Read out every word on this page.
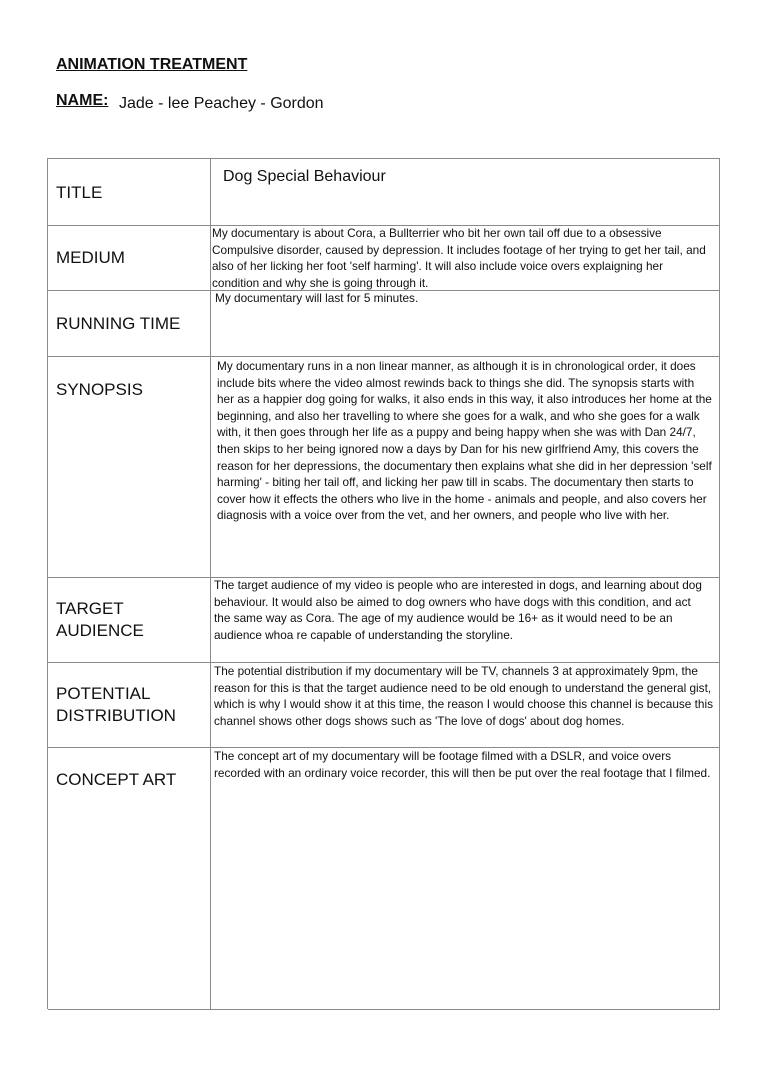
ANIMATION TREATMENT
NAME: Jade - lee Peachey - Gordon
TITLE
Dog Special Behaviour
MEDIUM
My documentary is about Cora, a Bullterrier who bit her own tail off due to a obsessive Compulsive disorder, caused by depression. It includes footage of her trying to get her tail, and also of her licking her foot 'self harming'. It will also include voice overs explaigning her condition and why she is going through it.
RUNNING TIME
My documentary will last for 5 minutes.
SYNOPSIS
My documentary runs in a non linear manner, as although it is in chronological order, it does include bits where the video almost rewinds back to things she did. The synopsis starts with her as a happier dog going for walks, it also ends in this way, it also introduces her home at the beginning, and also her travelling to where she goes for a walk, and who she goes for a walk with, it then goes through her life as a puppy and being happy when she was with Dan 24/7, then skips to her being ignored now a days by Dan for his new girlfriend Amy, this covers the reason for her depressions, the documentary then explains what she did in her depression 'self harming' - biting her tail off, and licking her paw till in scabs. The documentary then starts to cover how it effects the others who live in the home - animals and people, and also covers her diagnosis with a voice over from the vet, and her owners, and people who live with her.
TARGET AUDIENCE
The target audience of my video is people who are interested in dogs, and learning about dog behaviour. It would also be aimed to dog owners who have dogs with this condition, and act the same way as Cora. The age of my audience would be 16+ as it would need to be an audience whoa re capable of understanding the storyline.
POTENTIAL DISTRIBUTION
The potential distribution if my documentary will be TV, channels 3 at approximately 9pm, the reason for this is that the target audience need to be old enough to understand the general gist, which is why I would show it at this time, the reason I would choose this channel is because this channel shows other dogs shows such as 'The love of dogs' about dog homes.
CONCEPT ART
The concept art of my documentary will be footage filmed with a DSLR, and voice overs recorded with an ordinary voice recorder, this will then be put over the real footage that I filmed.
